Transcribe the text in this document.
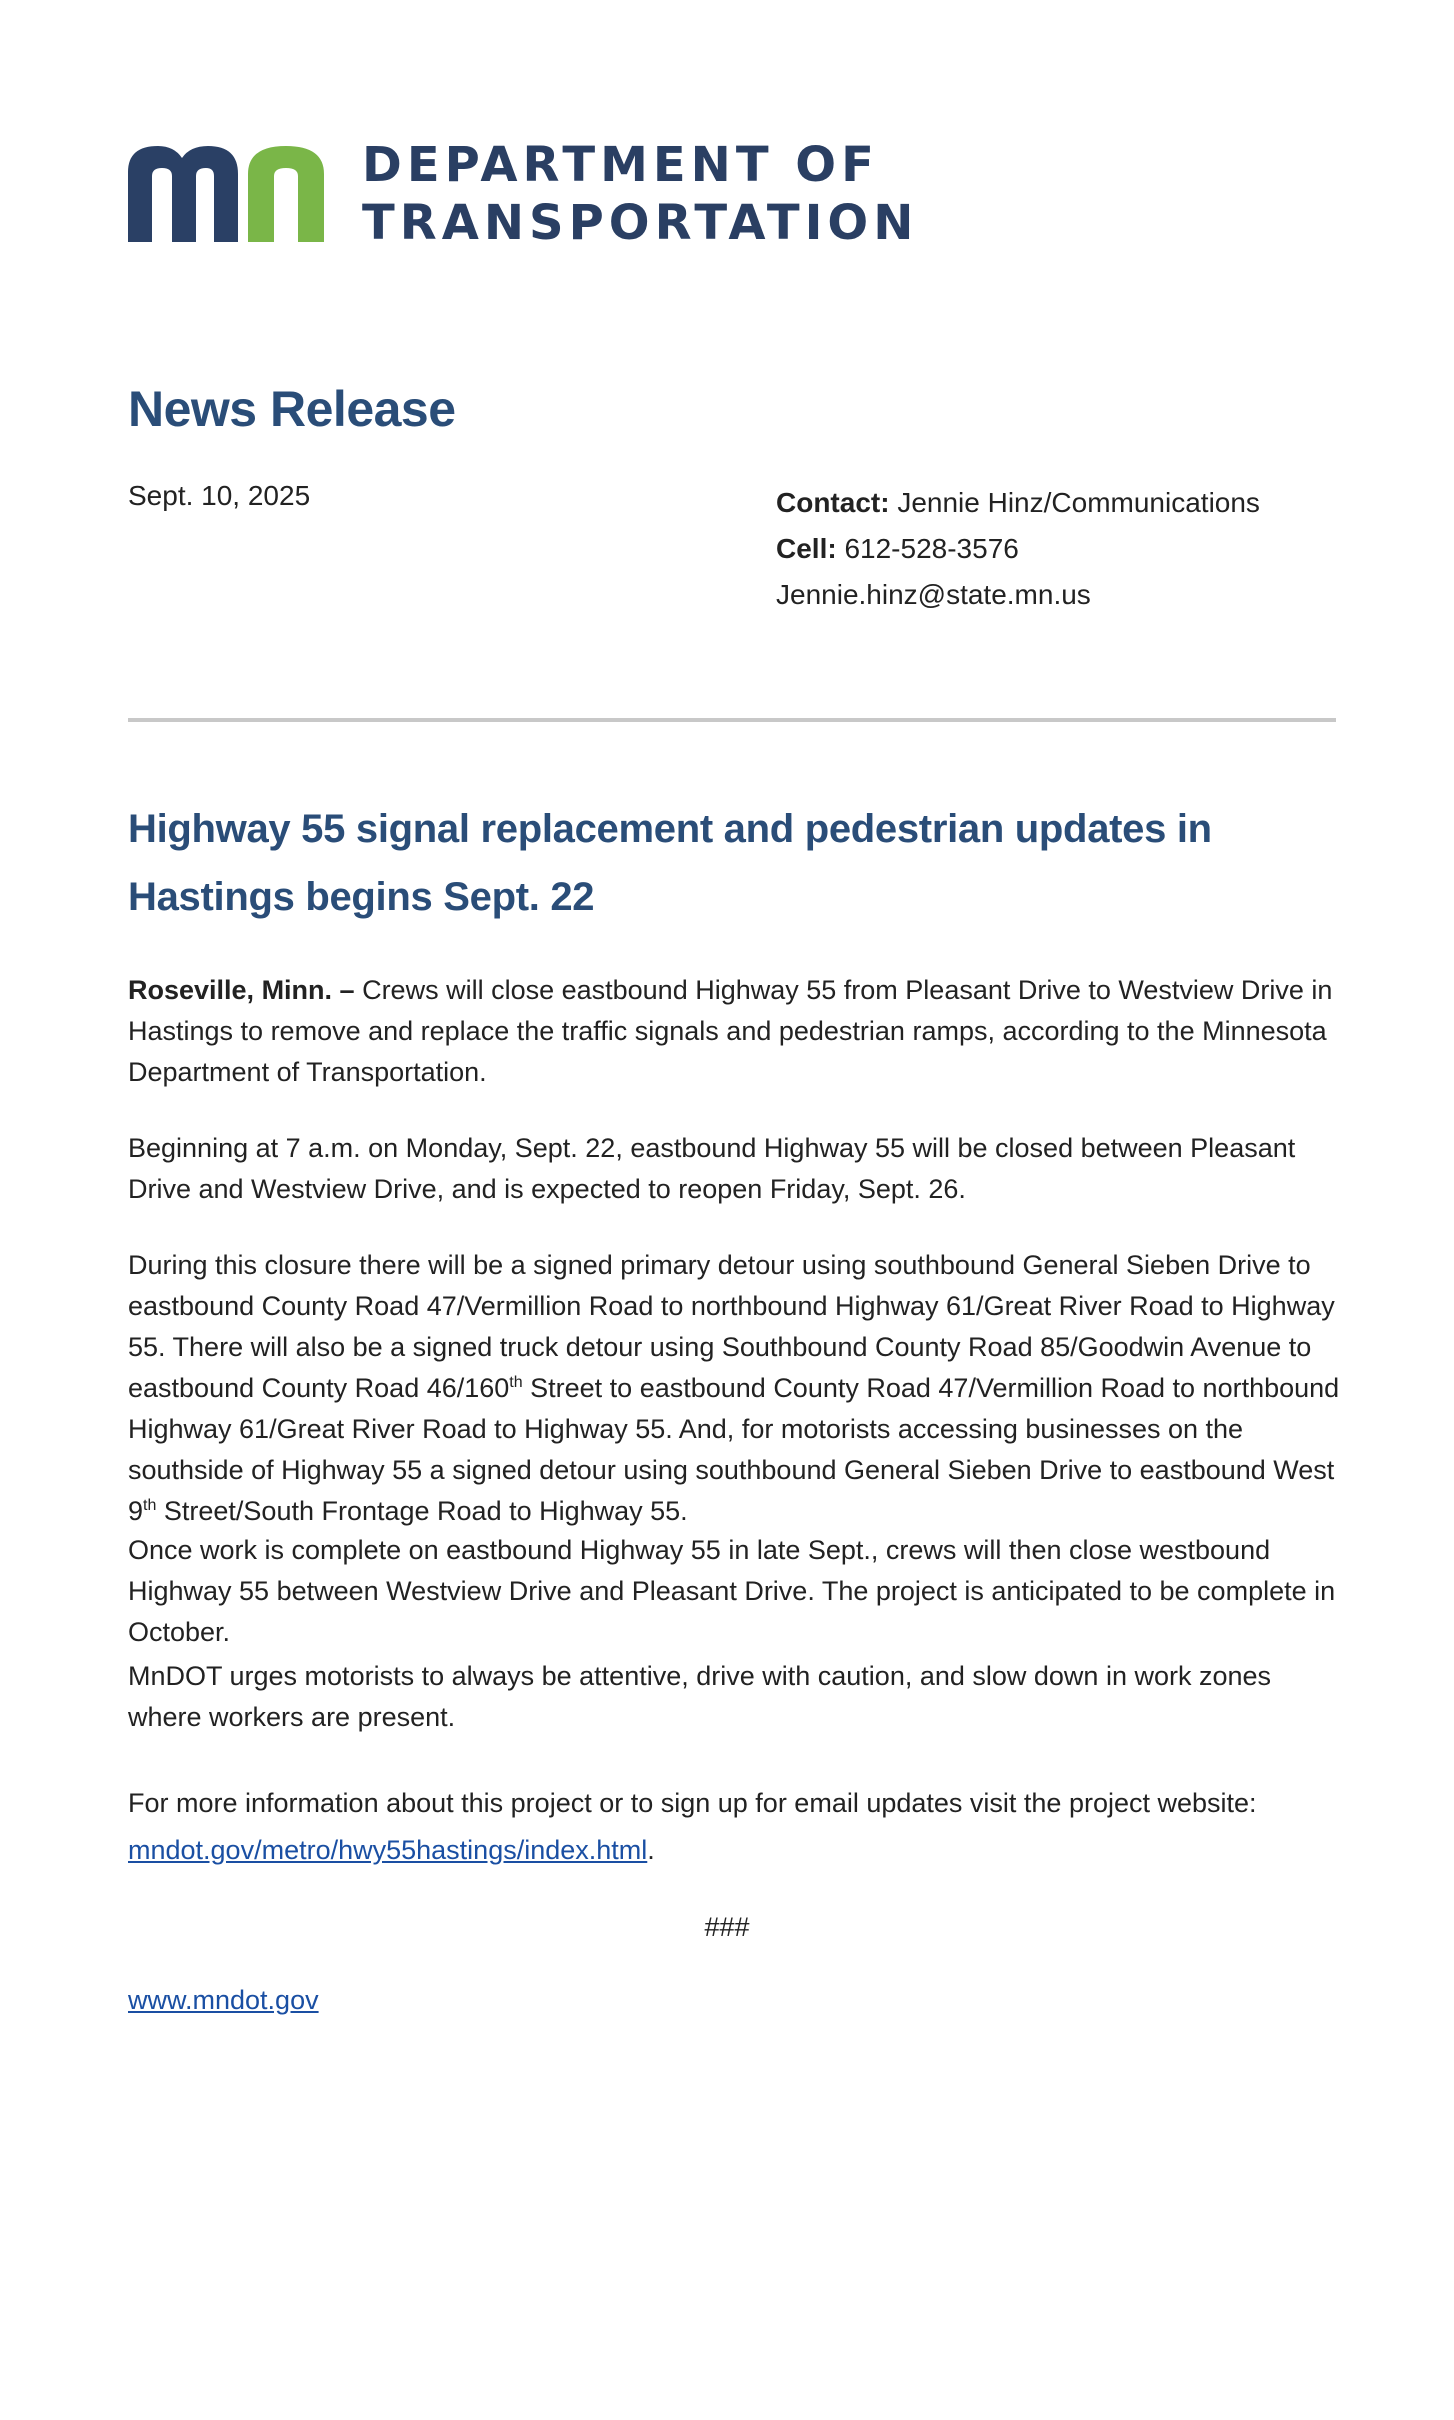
DEPARTMENT OF
TRANSPORTATION
News Release
Sept. 10, 2025	Contact: Jennie Hinz/Communications
Cell: 612-528-3576
Jennie.hinz@state.mn.us
Highway 55 signal replacement and pedestrian updates in Hastings begins Sept. 22

Roseville, Minn. – Crews will close eastbound Highway 55 from Pleasant Drive to Westview Drive in Hastings to remove and replace the traffic signals and pedestrian ramps, according to the Minnesota Department of Transportation.

Beginning at 7 a.m. on Monday, Sept. 22, eastbound Highway 55 will be closed between Pleasant Drive and Westview Drive, and is expected to reopen Friday, Sept. 26.

During this closure there will be a signed primary detour using southbound General Sieben Drive to eastbound County Road 47/Vermillion Road to northbound Highway 61/Great River Road to Highway 55. There will also be a signed truck detour using Southbound County Road 85/Goodwin Avenue to eastbound County Road 46/160th Street to eastbound County Road 47/Vermillion Road to northbound Highway 61/Great River Road to Highway 55. And, for motorists accessing businesses on the southside of Highway 55 a signed detour using southbound General Sieben Drive to eastbound West 9th Street/South Frontage Road to Highway 55.

Once work is complete on eastbound Highway 55 in late Sept., crews will then close westbound Highway 55 between Westview Drive and Pleasant Drive. The project is anticipated to be complete in October.

MnDOT urges motorists to always be attentive, drive with caution, and slow down in work zones where workers are present.

For more information about this project or to sign up for email updates visit the project website:
mndot.gov/metro/hwy55hastings/index.html.

###
www.mndot.gov
